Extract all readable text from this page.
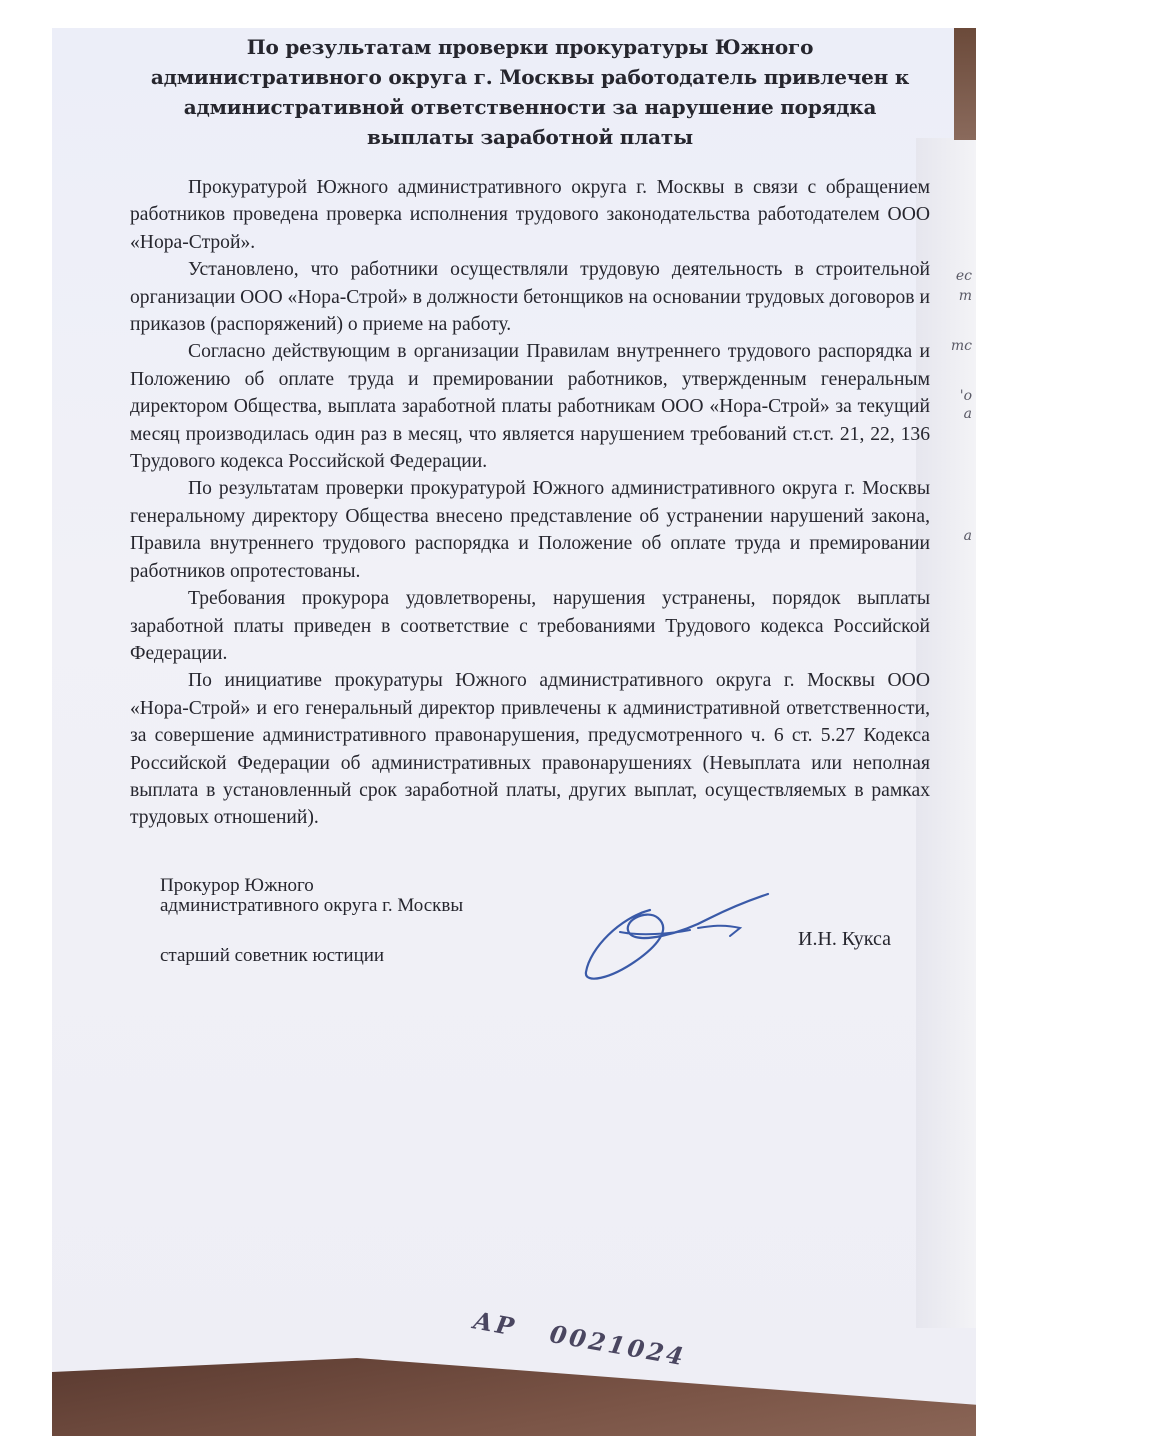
ес
т
тс
'о
а
а
По результатам проверки прокуратуры Южного административного округа г. Москвы работодатель привлечен к административной ответственности за нарушение порядка выплаты заработной платы

Прокуратурой Южного административного округа г. Москвы в связи с обращением работников проведена проверка исполнения трудового законодательства работодателем ООО «Нора-Строй».

Установлено, что работники осуществляли трудовую деятельность в строительной организации ООО «Нора-Строй» в должности бетонщиков на основании трудовых договоров и приказов (распоряжений) о приеме на работу.

Согласно действующим в организации Правилам внутреннего трудового распорядка и Положению об оплате труда и премировании работников, утвержденным генеральным директором Общества, выплата заработной платы работникам ООО «Нора-Строй» за текущий месяц производилась один раз в месяц, что является нарушением требований ст.ст. 21, 22, 136 Трудового кодекса Российской Федерации.

По результатам проверки прокуратурой Южного административного округа г. Москвы генеральному директору Общества внесено представление об устранении нарушений закона, Правила внутреннего трудового распорядка и Положение об оплате труда и премировании работников опротестованы.

Требования прокурора удовлетворены, нарушения устранены, порядок выплаты заработной платы приведен в соответствие с требованиями Трудового кодекса Российской Федерации.

По инициативе прокуратуры Южного административного округа г. Москвы ООО «Нора-Строй» и его генеральный директор привлечены к административной ответственности, за совершение административного правонарушения, предусмотренного ч. 6 ст. 5.27 Кодекса Российской Федерации об административных правонарушениях (Невыплата или неполная выплата в установленный срок заработной платы, других выплат, осуществляемых в рамках трудовых отношений).

Прокурор Южного
административного округа г. Москвы
старший советник юстиции
И.Н. Кукса
АР   0021024
